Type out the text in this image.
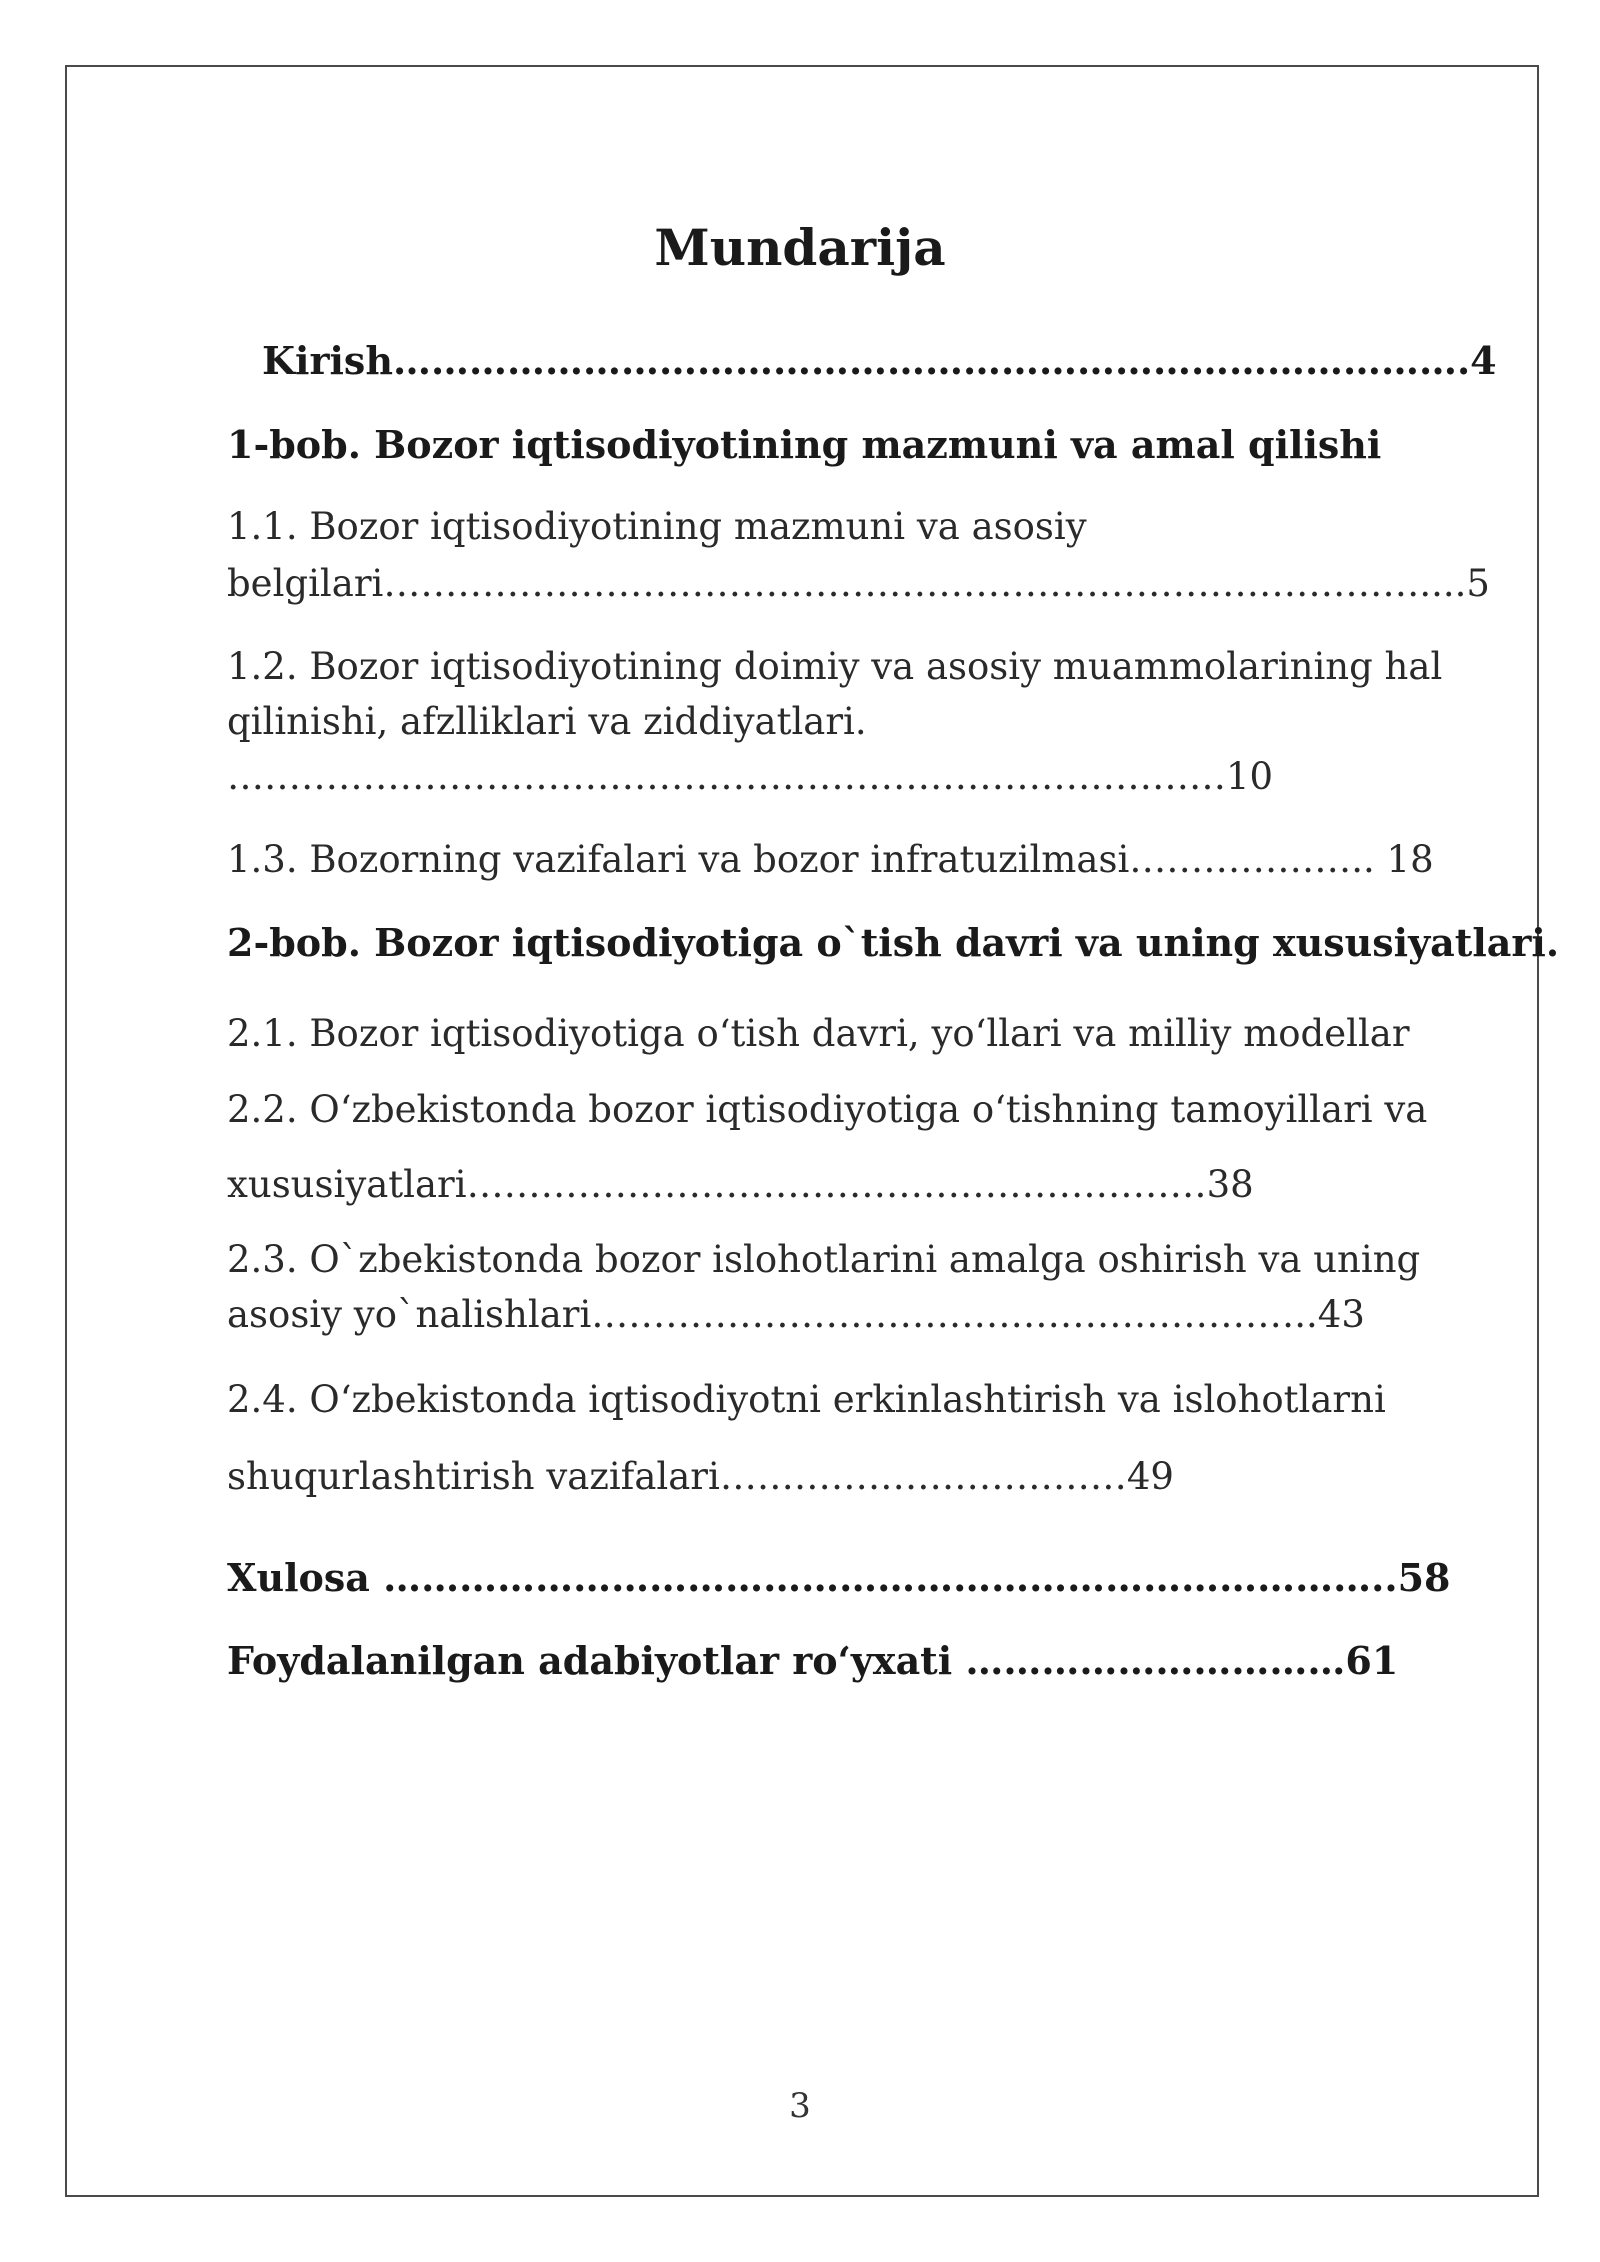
Mundarija
Kirish………………………………………………………………………….4
1-bob. Bozor iqtisodiyotining mazmuni va amal qilishi
1.1. Bozor iqtisodiyotining mazmuni va asosiy
belgilari…………………………………………………………………………....5
1.2. Bozor iqtisodiyotining doimiy va asosiy muammolarining hal
qilinishi, afzlliklari va ziddiyatlari.
………………………………………………………………………10
1.3. Bozorning vazifalari va bozor infratuzilmasi……………….. 18
2-bob. Bozor iqtisodiyotiga o`tish davri va uning xususiyatlari.
2.1. Bozor iqtisodiyotiga o‘tish davri, yo‘llari va milliy modellar
2.2. O‘zbekistonda bozor iqtisodiyotiga o‘tishning tamoyillari va
xususiyatlari……………………………………………………38
2.3. O`zbekistonda bozor islohotlarini amalga oshirish va uning
asosiy yo`nalishlari…………………………………………………..43
2.4. O‘zbekistonda iqtisodiyotni erkinlashtirish va islohotlarni
shuqurlashtirish vazifalari……………………………49
Xulosa ……………………………………………………………………..58
Foydalanilgan adabiyotlar ro‘yxati …………………………61
3
